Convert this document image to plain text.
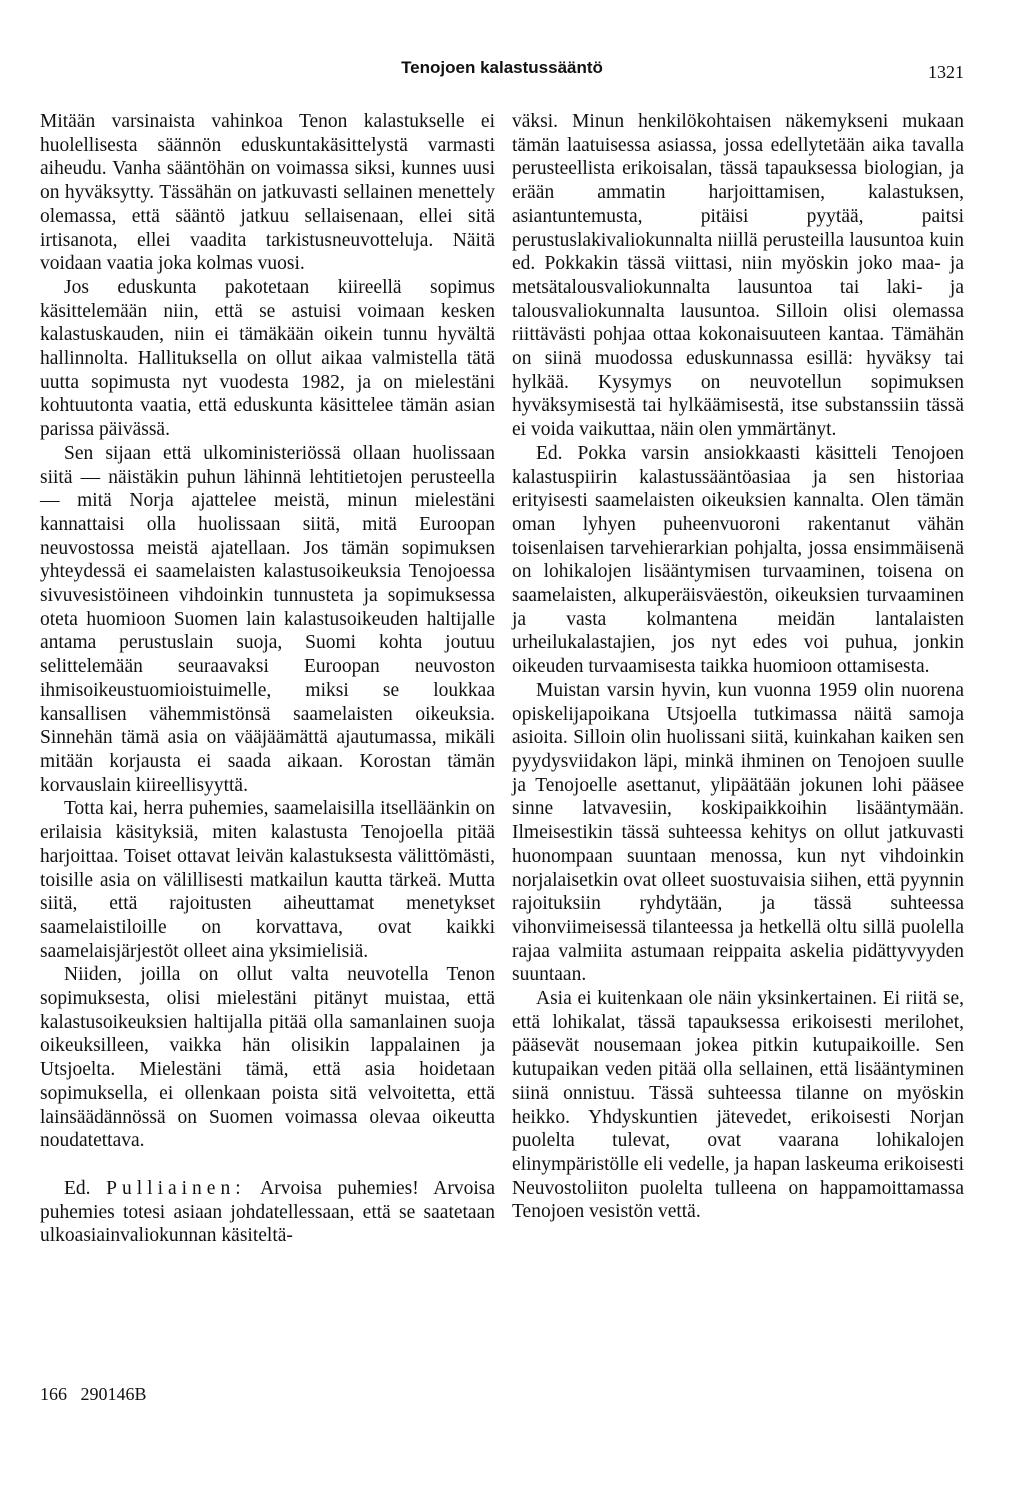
Tenojoen kalastussääntö	1321

Mitään varsinaista vahinkoa Tenon kalastukselle ei huolellisesta säännön eduskuntakäsittelystä varmasti aiheudu. Vanha sääntöhän on voimassa siksi, kunnes uusi on hyväksytty. Tässähän on jatkuvasti sellainen menettely olemassa, että sääntö jatkuu sellaisenaan, ellei sitä irtisanota, ellei vaadita tarkistusneuvotteluja. Näitä voidaan vaatia joka kolmas vuosi.

Jos eduskunta pakotetaan kiireellä sopimus käsittelemään niin, että se astuisi voimaan kesken kalastuskauden, niin ei tämäkään oikein tunnu hyvältä hallinnolta. Hallituksella on ollut aikaa valmistella tätä uutta sopimusta nyt vuodesta 1982, ja on mielestäni kohtuutonta vaatia, että eduskunta käsittelee tämän asian parissa päivässä.

Sen sijaan että ulkoministeriössä ollaan huolissaan siitä — näistäkin puhun lähinnä lehtitietojen perusteella — mitä Norja ajattelee meistä, minun mielestäni kannattaisi olla huolissaan siitä, mitä Euroopan neuvostossa meistä ajatellaan. Jos tämän sopimuksen yhteydessä ei saamelaisten kalastusoikeuksia Tenojoessa sivuvesistöineen vihdoinkin tunnusteta ja sopimuksessa oteta huomioon Suomen lain kalastusoikeuden haltijalle antama perustuslain suoja, Suomi kohta joutuu selittelemään seuraavaksi Euroopan neuvoston ihmisoikeustuomioistuimelle, miksi se loukkaa kansallisen vähemmistönsä saamelaisten oikeuksia. Sinnehän tämä asia on vääjäämättä ajautumassa, mikäli mitään korjausta ei saada aikaan. Korostan tämän korvauslain kiireellisyyttä.

Totta kai, herra puhemies, saamelaisilla itselläänkin on erilaisia käsityksiä, miten kalastusta Tenojoella pitää harjoittaa. Toiset ottavat leivän kalastuksesta välittömästi, toisille asia on välillisesti matkailun kautta tärkeä. Mutta siitä, että rajoitusten aiheuttamat menetykset saamelaistiloille on korvattava, ovat kaikki saamelaisjärjestöt olleet aina yksimielisiä.

Niiden, joilla on ollut valta neuvotella Tenon sopimuksesta, olisi mielestäni pitänyt muistaa, että kalastusoikeuksien haltijalla pitää olla samanlainen suoja oikeuksilleen, vaikka hän olisikin lappalainen ja Utsjoelta. Mielestäni tämä, että asia hoidetaan sopimuksella, ei ollenkaan poista sitä velvoitetta, että lainsäädännössä on Suomen voimassa olevaa oikeutta noudatettava.

Ed. Pulliainen: Arvoisa puhemies! Arvoisa puhemies totesi asiaan johdatellessaan, että se saatetaan ulkoasiainvaliokunnan käsiteltä-

väksi. Minun henkilökohtaisen näkemykseni mukaan tämän laatuisessa asiassa, jossa edellytetään aika tavalla perusteellista erikoisalan, tässä tapauksessa biologian, ja erään ammatin harjoittamisen, kalastuksen, asiantuntemusta, pitäisi pyytää, paitsi perustuslakivaliokunnalta niillä perusteilla lausuntoa kuin ed. Pokkakin tässä viittasi, niin myöskin joko maa- ja metsätalousvaliokunnalta lausuntoa tai laki- ja talousvaliokunnalta lausuntoa. Silloin olisi olemassa riittävästi pohjaa ottaa kokonaisuuteen kantaa. Tämähän on siinä muodossa eduskunnassa esillä: hyväksy tai hylkää. Kysymys on neuvotellun sopimuksen hyväksymisestä tai hylkäämisestä, itse substanssiin tässä ei voida vaikuttaa, näin olen ymmärtänyt.

Ed. Pokka varsin ansiokkaasti käsitteli Tenojoen kalastuspiirin kalastussääntöasiaa ja sen historiaa erityisesti saamelaisten oikeuksien kannalta. Olen tämän oman lyhyen puheenvuoroni rakentanut vähän toisenlaisen tarvehierarkian pohjalta, jossa ensimmäisenä on lohikalojen lisääntymisen turvaaminen, toisena on saamelaisten, alkuperäisväestön, oikeuksien turvaaminen ja vasta kolmantena meidän lantalaisten urheilukalastajien, jos nyt edes voi puhua, jonkin oikeuden turvaamisesta taikka huomioon ottamisesta.

Muistan varsin hyvin, kun vuonna 1959 olin nuorena opiskelijapoikana Utsjoella tutkimassa näitä samoja asioita. Silloin olin huolissani siitä, kuinkahan kaiken sen pyydysviidakon läpi, minkä ihminen on Tenojoen suulle ja Tenojoelle asettanut, ylipäätään jokunen lohi pääsee sinne latvavesiin, koskipaikkoihin lisääntymään. Ilmeisestikin tässä suhteessa kehitys on ollut jatkuvasti huonompaan suuntaan menossa, kun nyt vihdoinkin norjalaisetkin ovat olleet suostuvaisia siihen, että pyynnin rajoituksiin ryhdytään, ja tässä suhteessa vihonviimeisessä tilanteessa ja hetkellä oltu sillä puolella rajaa valmiita astumaan reippaita askelia pidättyvyyden suuntaan.

Asia ei kuitenkaan ole näin yksinkertainen. Ei riitä se, että lohikalat, tässä tapauksessa erikoisesti merilohet, pääsevät nousemaan jokea pitkin kutupaikoille. Sen kutupaikan veden pitää olla sellainen, että lisääntyminen siinä onnistuu. Tässä suhteessa tilanne on myöskin heikko. Yhdyskuntien jätevedet, erikoisesti Norjan puolelta tulevat, ovat vaarana lohikalojen elinympäristölle eli vedelle, ja hapan laskeuma erikoisesti Neuvostoliiton puolelta tulleena on happamoittamassa Tenojoen vesistön vettä.

166   290146B
